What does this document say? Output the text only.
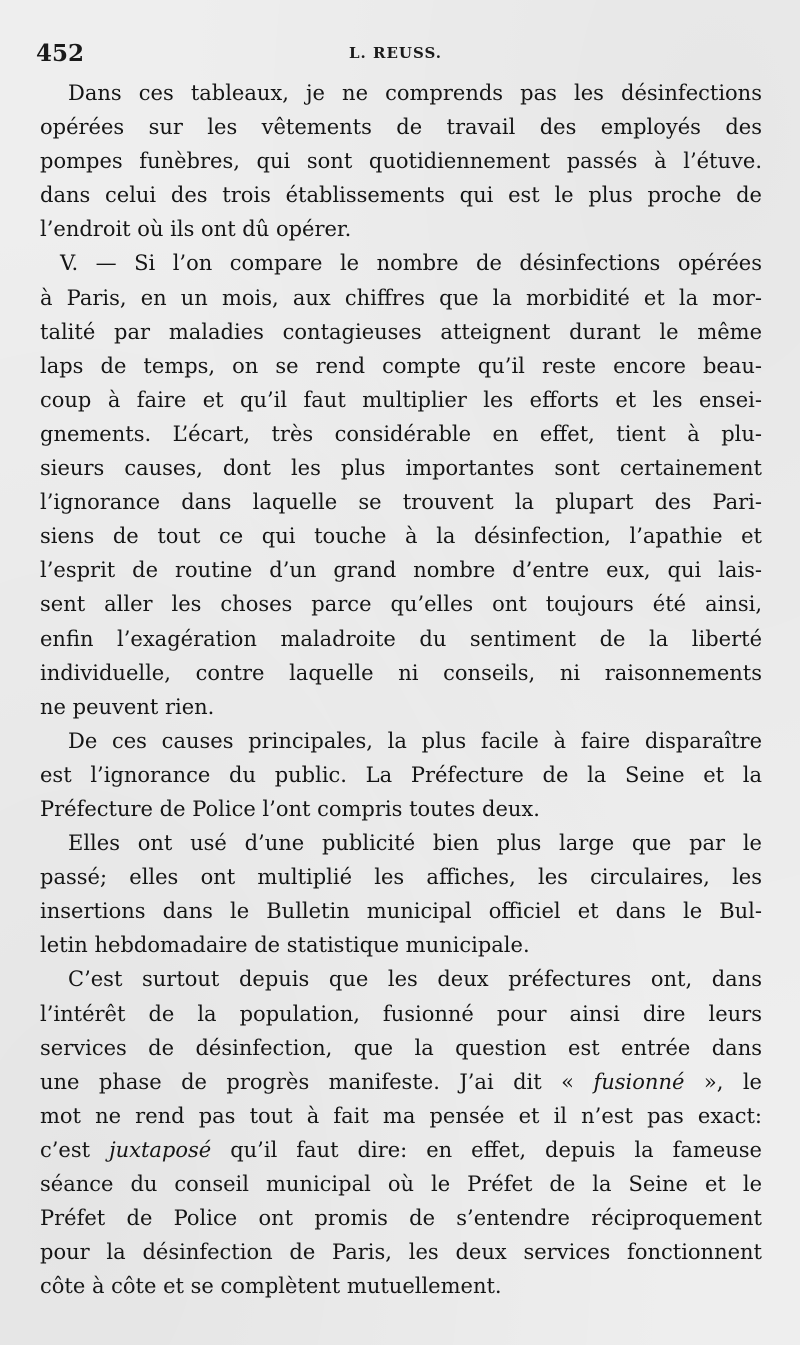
452	L. REUSS.
Dans ces tableaux, je ne comprends pas les désinfections
opérées sur les vêtements de travail des employés des
pompes funèbres, qui sont quotidiennement passés à l’étuve.
dans celui des trois établissements qui est le plus proche de
l’endroit où ils ont dû opérer.
V. — Si l’on compare le nombre de désinfections opérées
à Paris, en un mois, aux chiffres que la morbidité et la mor-
talité par maladies contagieuses atteignent durant le même
laps de temps, on se rend compte qu’il reste encore beau-
coup à faire et qu’il faut multiplier les efforts et les ensei-
gnements. L’écart, très considérable en effet, tient à plu-
sieurs causes, dont les plus importantes sont certainement
l’ignorance dans laquelle se trouvent la plupart des Pari-
siens de tout ce qui touche à la désinfection, l’apathie et
l’esprit de routine d’un grand nombre d’entre eux, qui lais-
sent aller les choses parce qu’elles ont toujours été ainsi,
enfin l’exagération maladroite du sentiment de la liberté
individuelle, contre laquelle ni conseils, ni raisonnements
ne peuvent rien.
De ces causes principales, la plus facile à faire disparaître
est l’ignorance du public. La Préfecture de la Seine et la
Préfecture de Police l’ont compris toutes deux.
Elles ont usé d’une publicité bien plus large que par le
passé; elles ont multiplié les affiches, les circulaires, les
insertions dans le Bulletin municipal officiel et dans le Bul-
letin hebdomadaire de statistique municipale.
C’est surtout depuis que les deux préfectures ont, dans
l’intérêt de la population, fusionné pour ainsi dire leurs
services de désinfection, que la question est entrée dans
une phase de progrès manifeste. J’ai dit « fusionné », le
mot ne rend pas tout à fait ma pensée et il n’est pas exact:
c’est juxtaposé qu’il faut dire: en effet, depuis la fameuse
séance du conseil municipal où le Préfet de la Seine et le
Préfet de Police ont promis de s’entendre réciproquement
pour la désinfection de Paris, les deux services fonctionnent
côte à côte et se complètent mutuellement.
